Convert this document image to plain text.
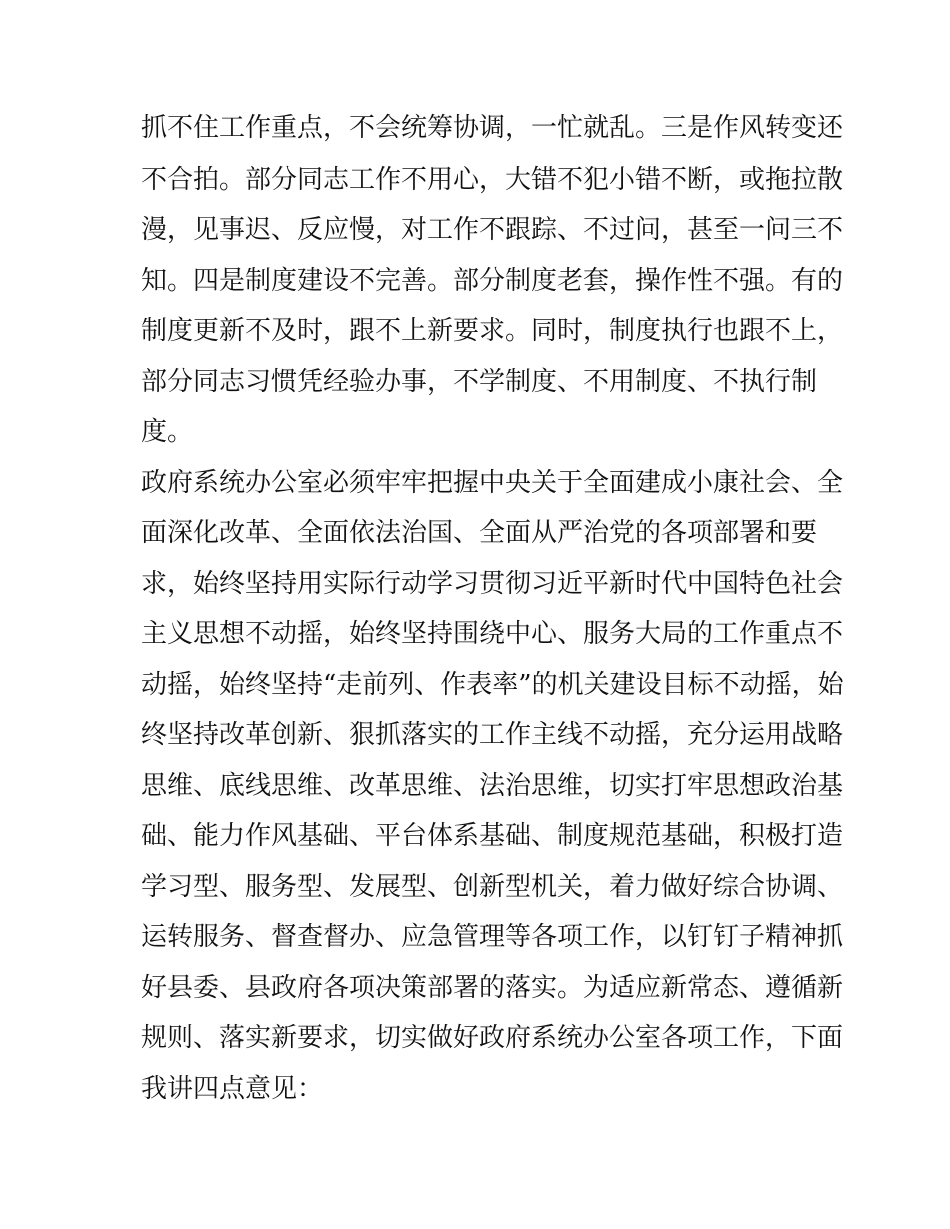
抓不住工作重点，不会统筹协调，一忙就乱。三是作风转变还

不合拍。部分同志工作不用心，大错不犯小错不断，或拖拉散

漫，见事迟、反应慢，对工作不跟踪、不过问，甚至一问三不

知。四是制度建设不完善。部分制度老套，操作性不强。有的

制度更新不及时，跟不上新要求。同时，制度执行也跟不上，

部分同志习惯凭经验办事，不学制度、不用制度、不执行制

度。

政府系统办公室必须牢牢把握中央关于全面建成小康社会、全

面深化改革、全面依法治国、全面从严治党的各项部署和要

求，始终坚持用实际行动学习贯彻习近平新时代中国特色社会

主义思想不动摇，始终坚持围绕中心、服务大局的工作重点不

动摇，始终坚持“走前列、作表率”的机关建设目标不动摇，始

终坚持改革创新、狠抓落实的工作主线不动摇，充分运用战略

思维、底线思维、改革思维、法治思维，切实打牢思想政治基

础、能力作风基础、平台体系基础、制度规范基础，积极打造

学习型、服务型、发展型、创新型机关，着力做好综合协调、

运转服务、督查督办、应急管理等各项工作，以钉钉子精神抓

好县委、县政府各项决策部署的落实。为适应新常态、遵循新

规则、落实新要求，切实做好政府系统办公室各项工作，下面

我讲四点意见：
